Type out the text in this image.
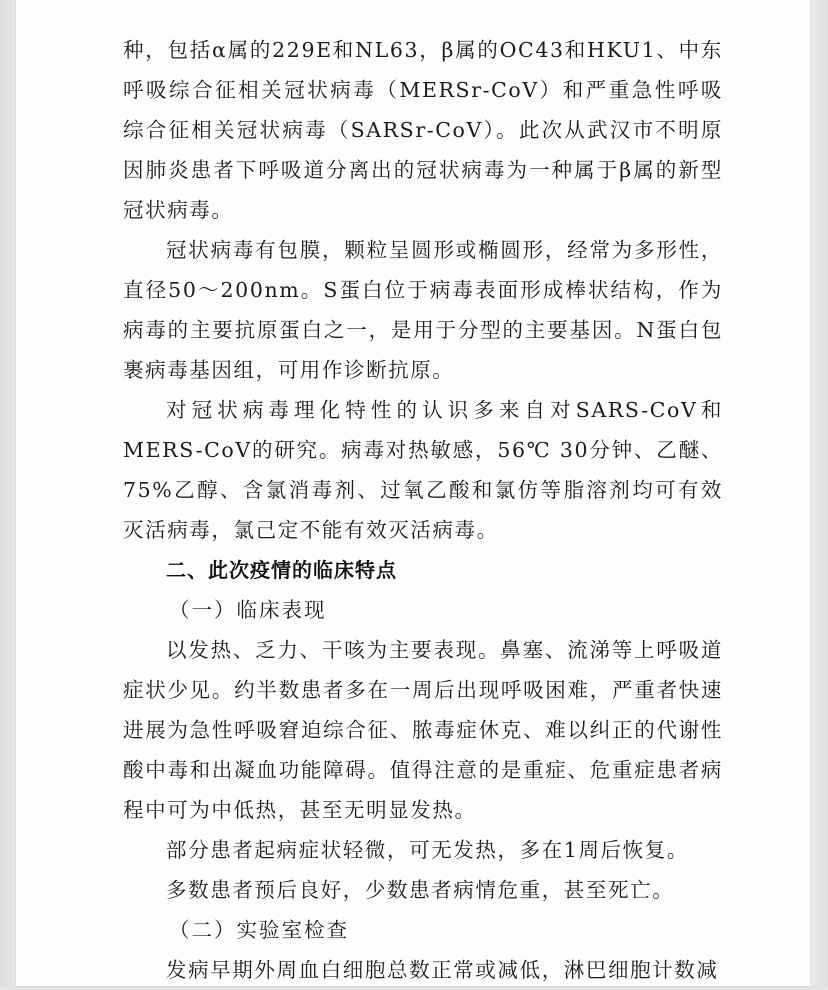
种，包括α属的229E和NL63，β属的OC43和HKU1、中东呼吸综合征相关冠状病毒（MERSr-CoV）和严重急性呼吸综合征相关冠状病毒（SARSr-CoV）。此次从武汉市不明原因肺炎患者下呼吸道分离出的冠状病毒为一种属于β属的新型冠状病毒。

冠状病毒有包膜，颗粒呈圆形或椭圆形，经常为多形性，直径50～200nm。S蛋白位于病毒表面形成棒状结构，作为病毒的主要抗原蛋白之一，是用于分型的主要基因。N蛋白包裹病毒基因组，可用作诊断抗原。

对冠状病毒理化特性的认识多来自对SARS-CoV和MERS-CoV的研究。病毒对热敏感，56℃ 30分钟、乙醚、75%乙醇、含氯消毒剂、过氧乙酸和氯仿等脂溶剂均可有效灭活病毒，氯己定不能有效灭活病毒。

二、此次疫情的临床特点

（一）临床表现

以发热、乏力、干咳为主要表现。鼻塞、流涕等上呼吸道症状少见。约半数患者多在一周后出现呼吸困难，严重者快速进展为急性呼吸窘迫综合征、脓毒症休克、难以纠正的代谢性酸中毒和出凝血功能障碍。值得注意的是重症、危重症患者病程中可为中低热，甚至无明显发热。

部分患者起病症状轻微，可无发热，多在1周后恢复。

多数患者预后良好，少数患者病情危重，甚至死亡。

（二）实验室检查

发病早期外周血白细胞总数正常或减低，淋巴细胞计数减
